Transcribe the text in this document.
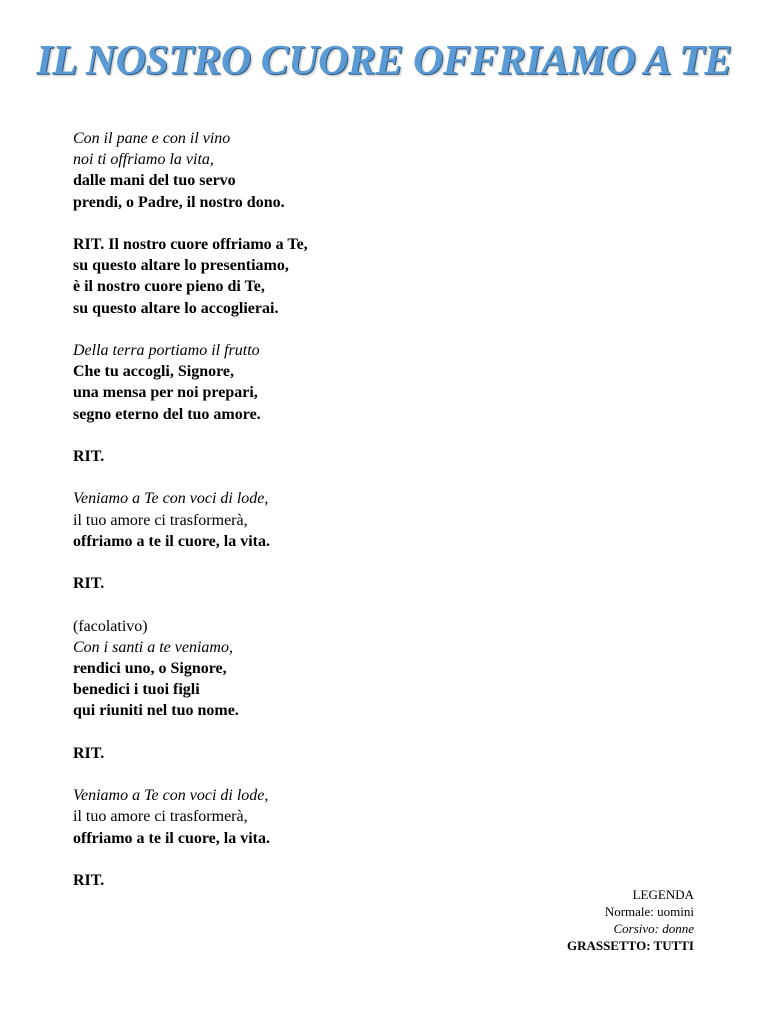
IL NOSTRO CUORE OFFRIAMO A TE
Con il pane e con il vino
noi ti offriamo la vita,
dalle mani del tuo servo
prendi, o Padre, il nostro dono.
RIT. Il nostro cuore offriamo a Te,
su questo altare lo presentiamo,
è il nostro cuore pieno di Te,
su questo altare lo accoglierai.
Della terra portiamo il frutto
Che tu accogli, Signore,
una mensa per noi prepari,
segno eterno del tuo amore.
RIT.
Veniamo a Te con voci di lode,
il tuo amore ci trasformerà,
offriamo a te il cuore, la vita.
RIT.
(facolativo)
Con i santi a te veniamo,
rendici uno, o Signore,
benedici i tuoi figli
qui riuniti nel tuo nome.
RIT.
Veniamo a Te con voci di lode,
il tuo amore ci trasformerà,
offriamo a te il cuore, la vita.
RIT.
LEGENDA
Normale: uomini
Corsivo: donne
GRASSETTO: TUTTI
